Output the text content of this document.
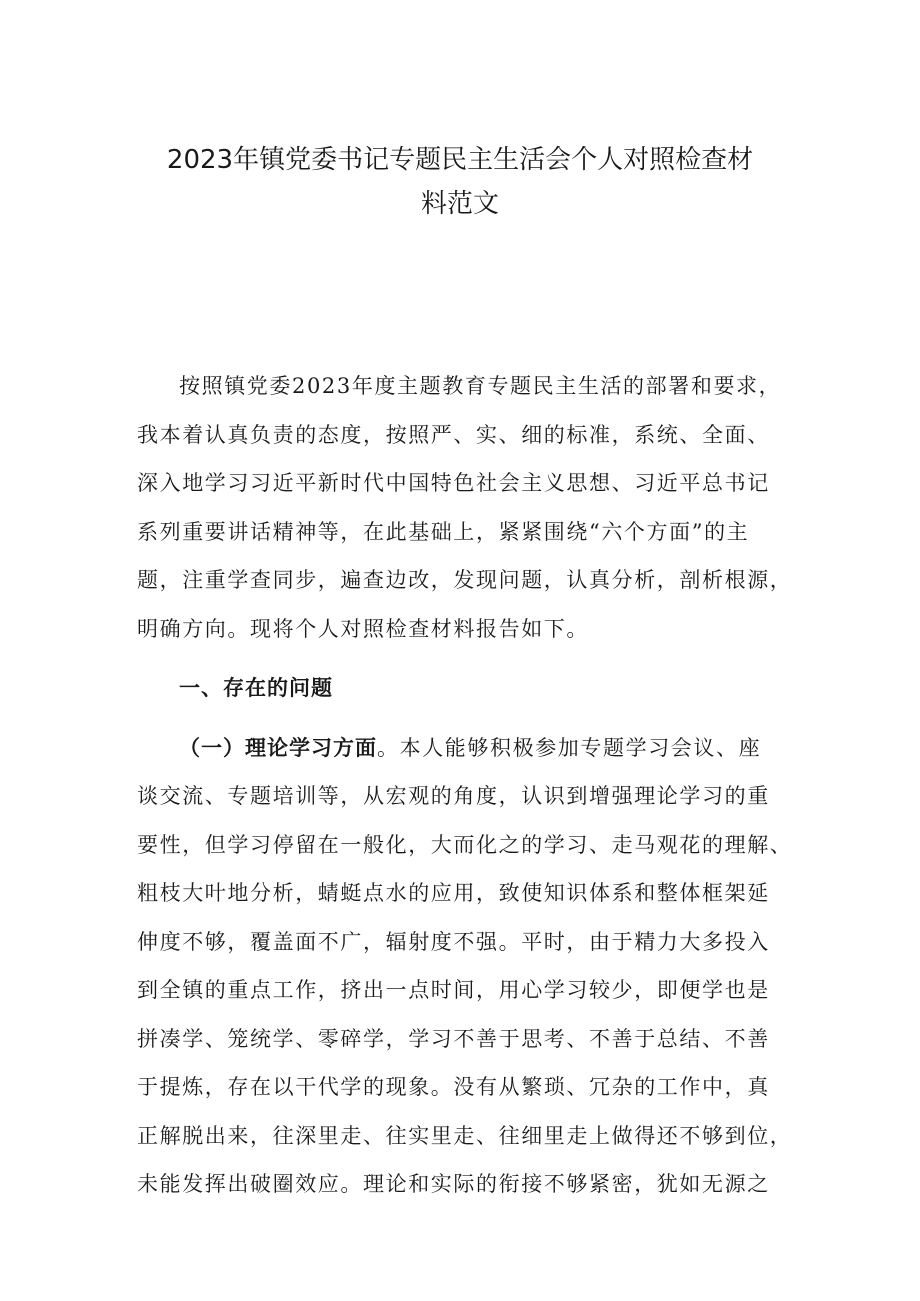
2023年镇党委书记专题民主生活会个人对照检查材
料范文
按照镇党委2023年度主题教育专题民主生活的部署和要求，
我本着认真负责的态度，按照严、实、细的标准，系统、全面、
深入地学习习近平新时代中国特色社会主义思想、习近平总书记
系列重要讲话精神等，在此基础上，紧紧围绕“六个方面”的主
题，注重学查同步，遍查边改，发现问题，认真分析，剖析根源，
明确方向。现将个人对照检查材料报告如下。
一、存在的问题
（一）理论学习方面。本人能够积极参加专题学习会议、座
谈交流、专题培训等，从宏观的角度，认识到增强理论学习的重
要性，但学习停留在一般化，大而化之的学习、走马观花的理解、
粗枝大叶地分析，蜻蜓点水的应用，致使知识体系和整体框架延
伸度不够，覆盖面不广，辐射度不强。平时，由于精力大多投入
到全镇的重点工作，挤出一点时间，用心学习较少，即便学也是
拼凑学、笼统学、零碎学，学习不善于思考、不善于总结、不善
于提炼，存在以干代学的现象。没有从繁琐、冗杂的工作中，真
正解脱出来，往深里走、往实里走、往细里走上做得还不够到位，
未能发挥出破圈效应。理论和实际的衔接不够紧密，犹如无源之
